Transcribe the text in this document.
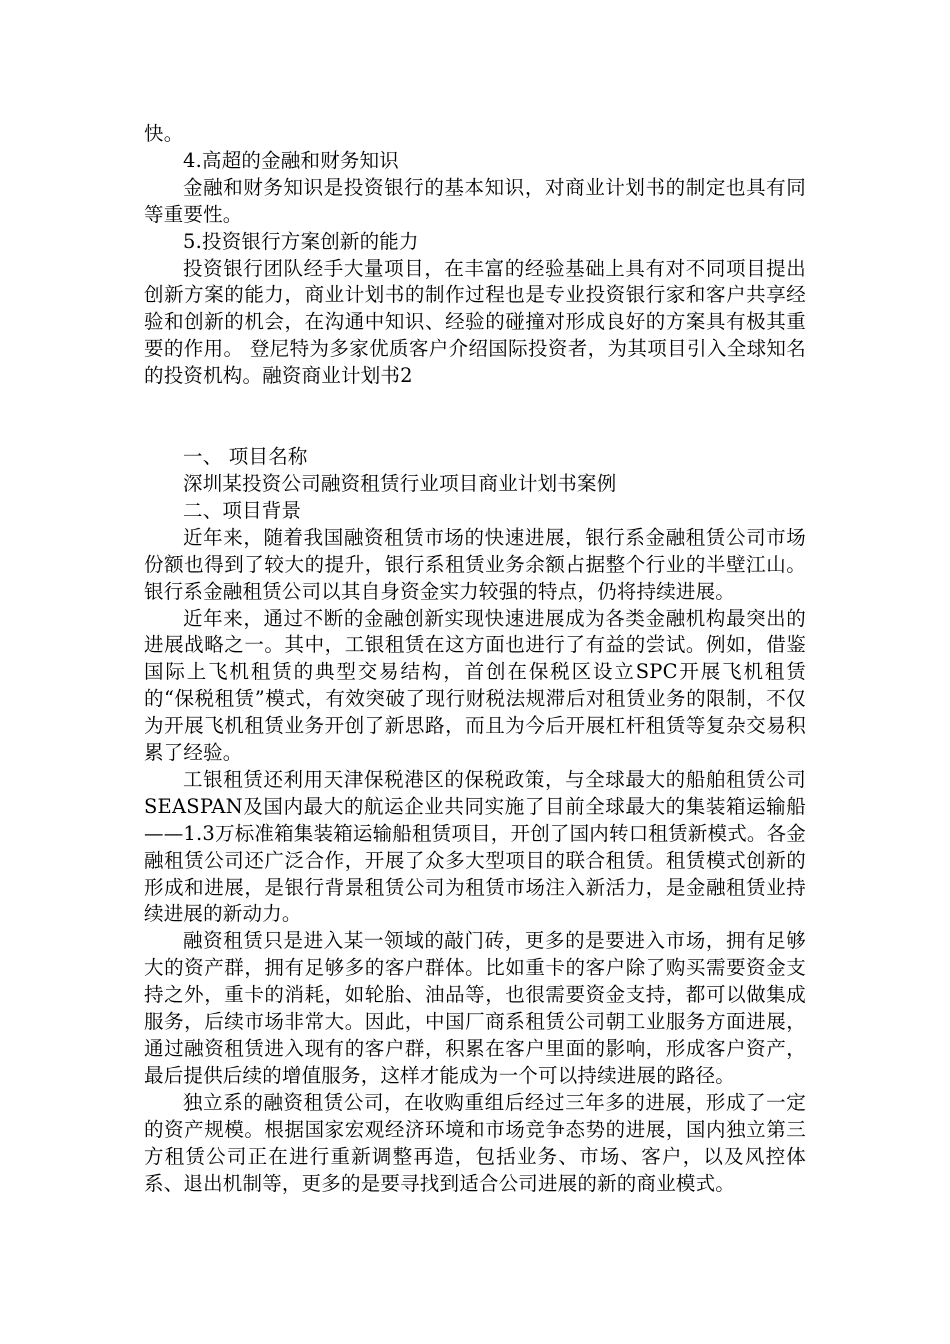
快。

4.高超的金融和财务知识

金融和财务知识是投资银行的基本知识，对商业计划书的制定也具有同等重要性。

5.投资银行方案创新的能力

投资银行团队经手大量项目，在丰富的经验基础上具有对不同项目提出创新方案的能力，商业计划书的制作过程也是专业投资银行家和客户共享经验和创新的机会，在沟通中知识、经验的碰撞对形成良好的方案具有极其重要的作用。 登尼特为多家优质客户介绍国际投资者，为其项目引入全球知名的投资机构。融资商业计划书2

一、 项目名称

深圳某投资公司融资租赁行业项目商业计划书案例

二、项目背景

近年来，随着我国融资租赁市场的快速进展，银行系金融租赁公司市场份额也得到了较大的提升，银行系租赁业务余额占据整个行业的半壁江山。银行系金融租赁公司以其自身资金实力较强的特点，仍将持续进展。

近年来，通过不断的金融创新实现快速进展成为各类金融机构最突出的进展战略之一。其中，工银租赁在这方面也进行了有益的尝试。例如，借鉴国际上飞机租赁的典型交易结构，首创在保税区设立SPC开展飞机租赁的“保税租赁”模式，有效突破了现行财税法规滞后对租赁业务的限制，不仅为开展飞机租赁业务开创了新思路，而且为今后开展杠杆租赁等复杂交易积累了经验。

工银租赁还利用天津保税港区的保税政策，与全球最大的船舶租赁公司SEASPAN及国内最大的航运企业共同实施了目前全球最大的集装箱运输船——1.3万标准箱集装箱运输船租赁项目，开创了国内转口租赁新模式。各金融租赁公司还广泛合作，开展了众多大型项目的联合租赁。租赁模式创新的形成和进展，是银行背景租赁公司为租赁市场注入新活力，是金融租赁业持续进展的新动力。

融资租赁只是进入某一领域的敲门砖，更多的是要进入市场，拥有足够大的资产群，拥有足够多的客户群体。比如重卡的客户除了购买需要资金支持之外，重卡的消耗，如轮胎、油品等，也很需要资金支持，都可以做集成服务，后续市场非常大。因此，中国厂商系租赁公司朝工业服务方面进展，通过融资租赁进入现有的客户群，积累在客户里面的影响，形成客户资产，最后提供后续的增值服务，这样才能成为一个可以持续进展的路径。

独立系的融资租赁公司，在收购重组后经过三年多的进展，形成了一定的资产规模。根据国家宏观经济环境和市场竞争态势的进展，国内独立第三方租赁公司正在进行重新调整再造，包括业务、市场、客户，以及风控体系、退出机制等，更多的是要寻找到适合公司进展的新的商业模式。
